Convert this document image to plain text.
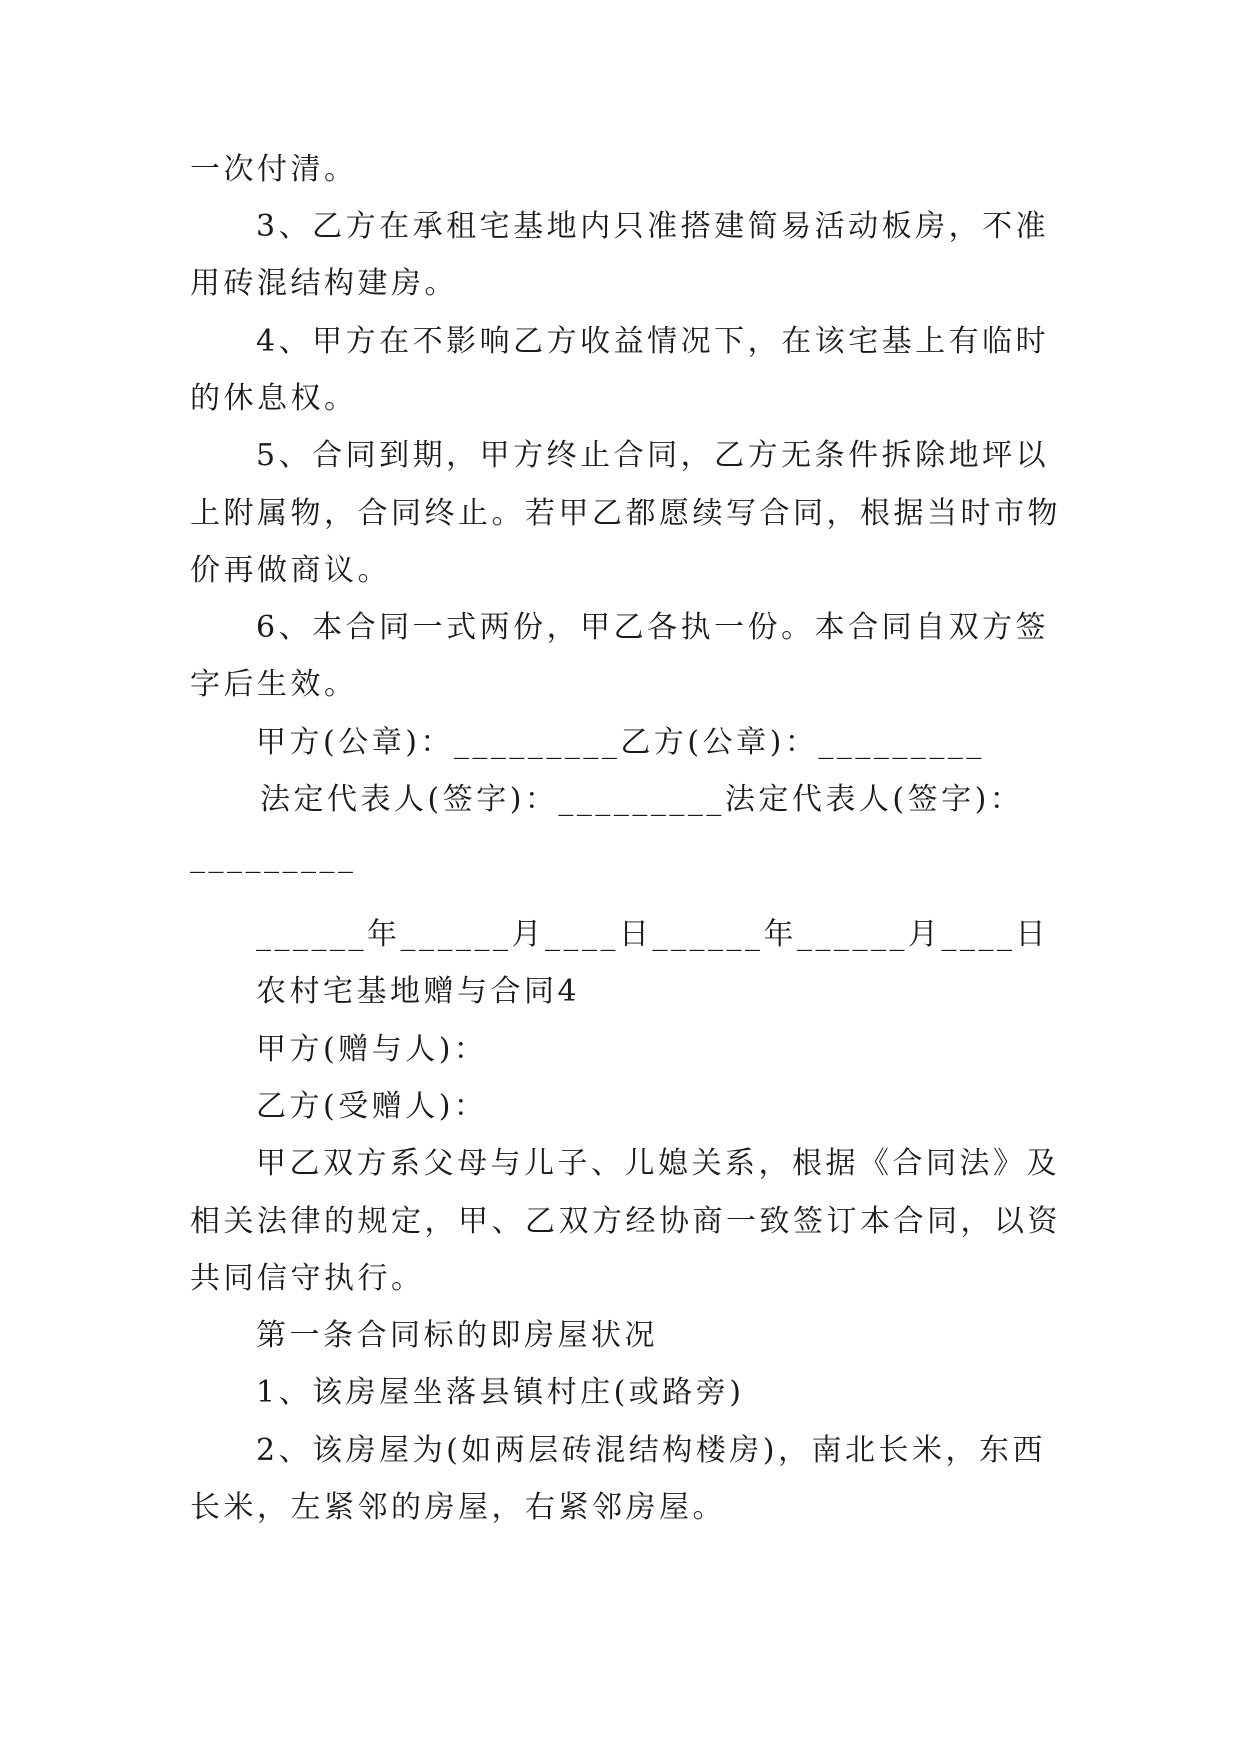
一次付清。
3、乙方在承租宅基地内只准搭建简易活动板房，不准
用砖混结构建房。
4、甲方在不影响乙方收益情况下，在该宅基上有临时
的休息权。
5、合同到期，甲方终止合同，乙方无条件拆除地坪以
上附属物，合同终止。若甲乙都愿续写合同，根据当时市物
价再做商议。
6、本合同一式两份，甲乙各执一份。本合同自双方签
字后生效。
甲方(公章)：_________乙方(公章)：_________
法定代表人(签字)：_________法定代表人(签字)：
_________
______年______月____日______年______月____日
农村宅基地赠与合同4
甲方(赠与人)：
乙方(受赠人)：
甲乙双方系父母与儿子、儿媳关系，根据《合同法》及
相关法律的规定，甲、乙双方经协商一致签订本合同，以资
共同信守执行。
第一条合同标的即房屋状况
1、该房屋坐落县镇村庄(或路旁)
2、该房屋为(如两层砖混结构楼房)，南北长米，东西
长米，左紧邻的房屋，右紧邻房屋。
